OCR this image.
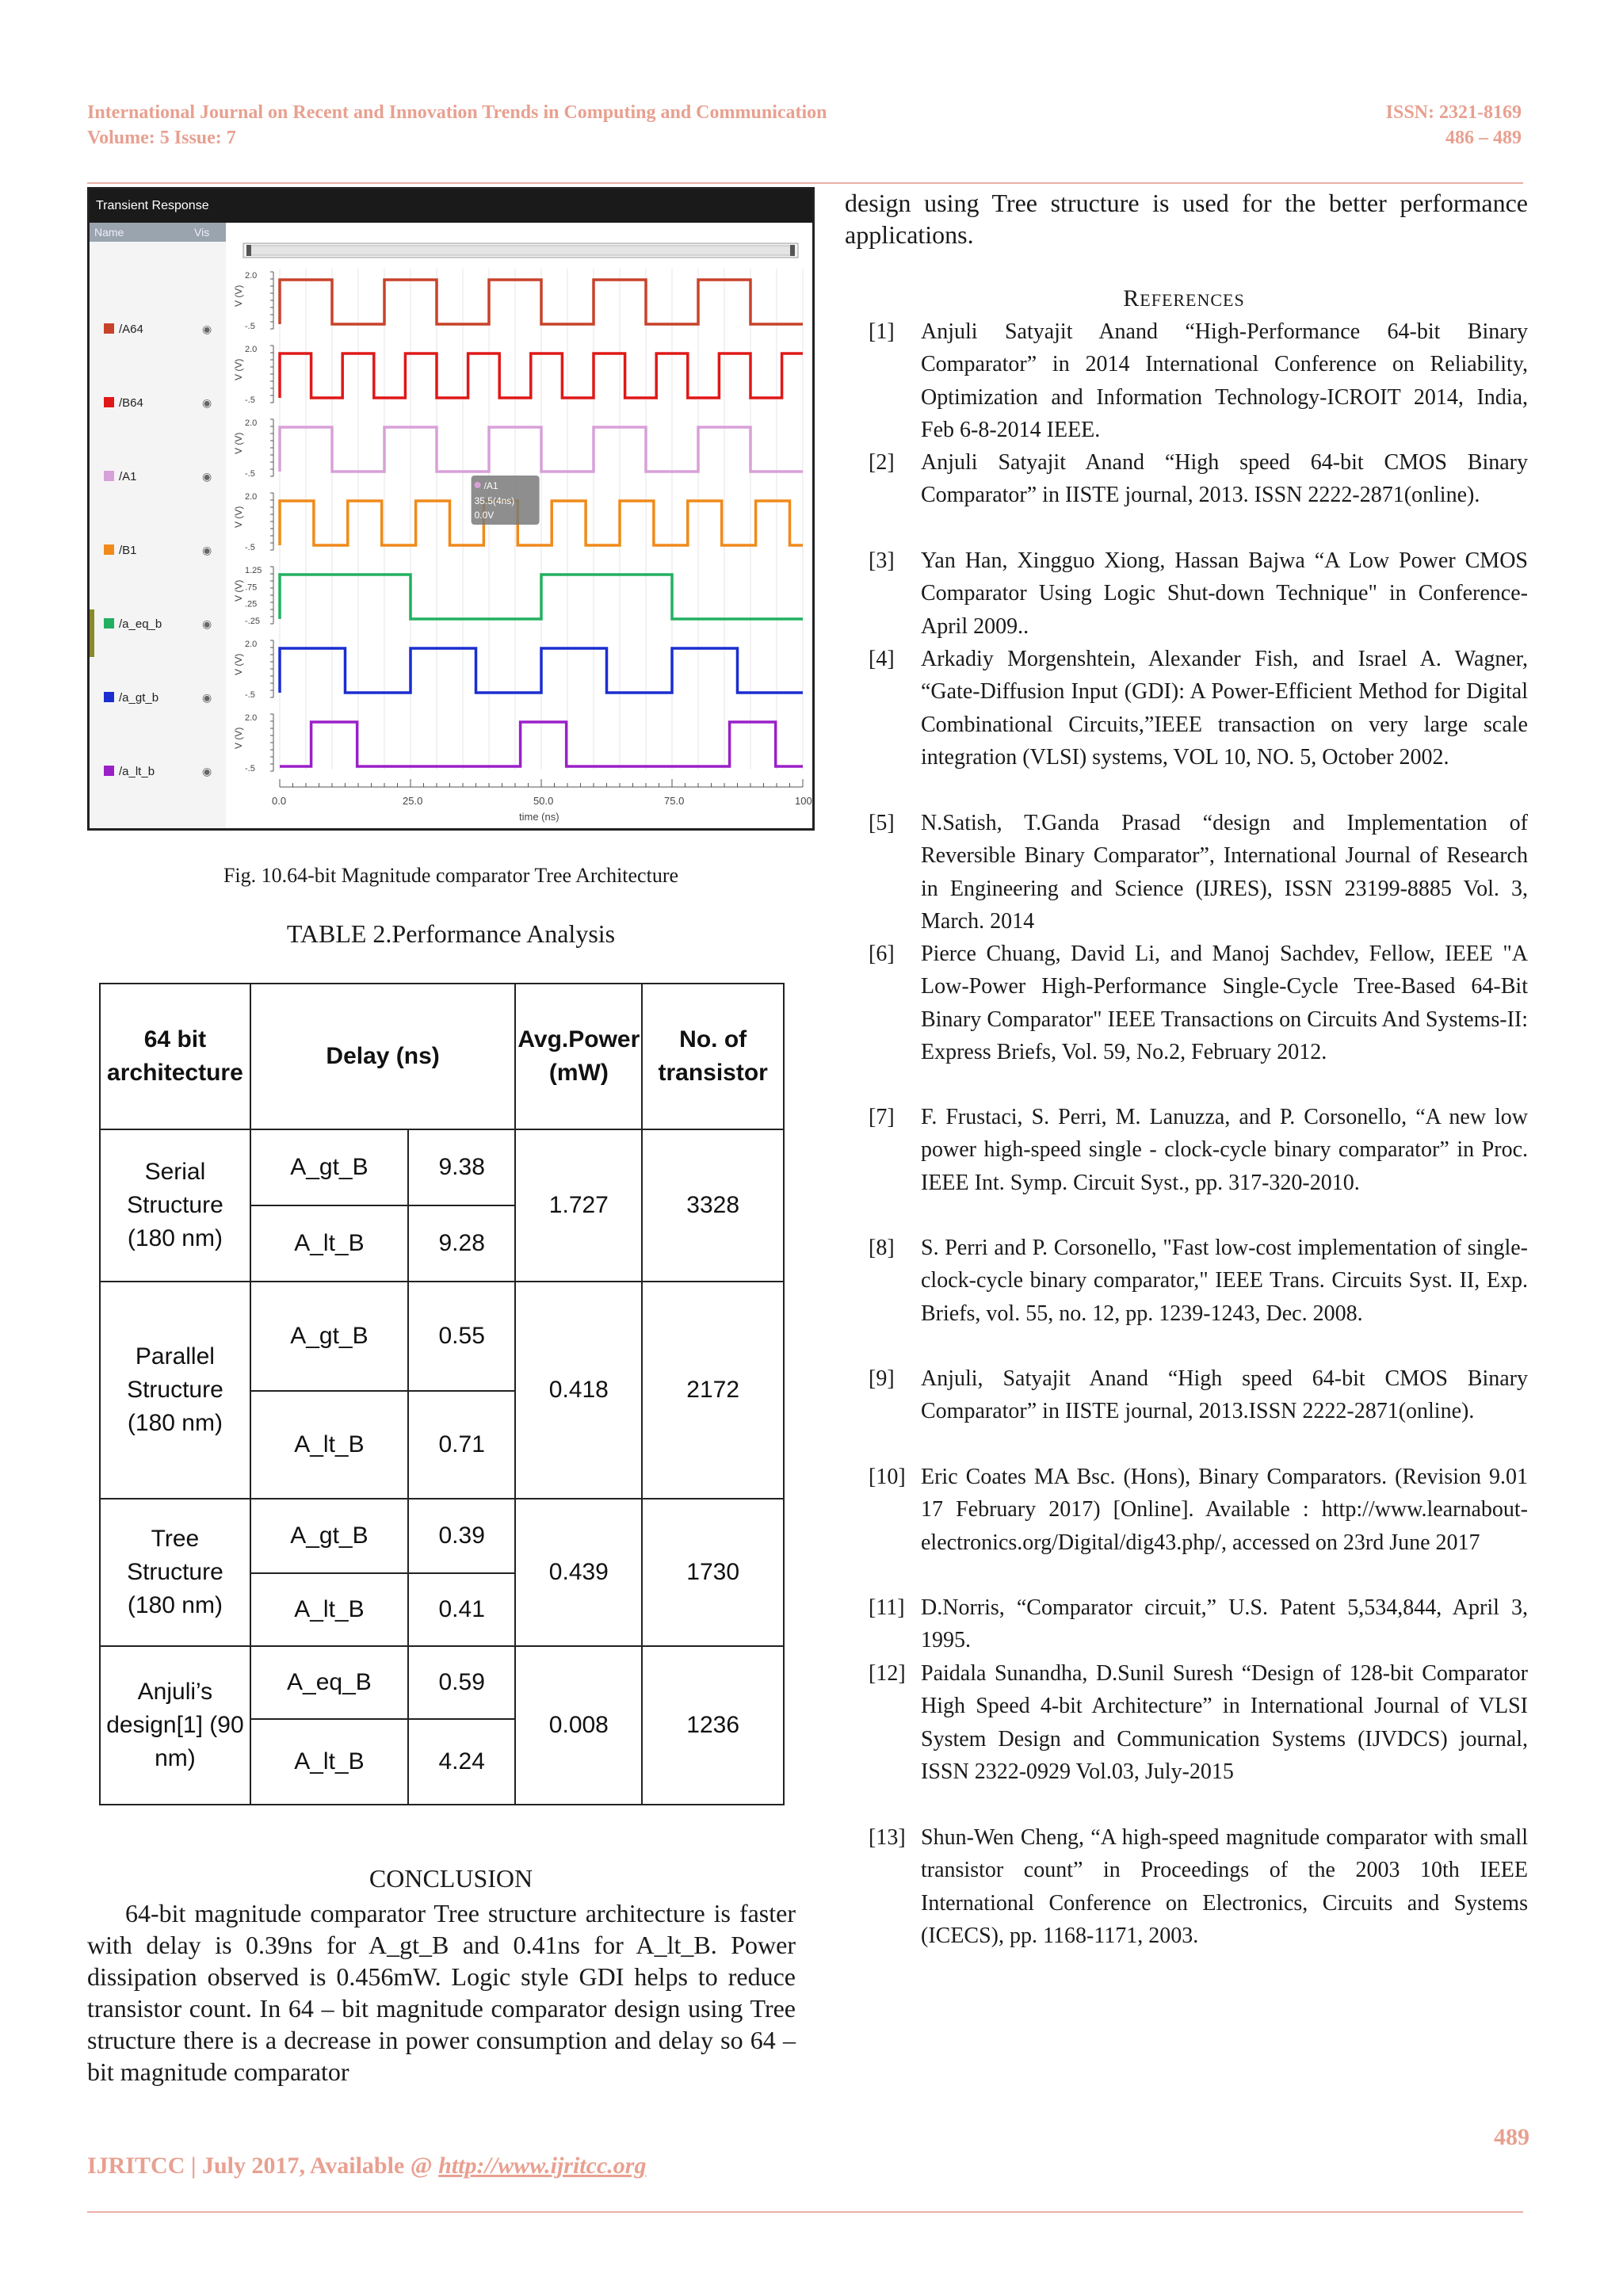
International Journal on Recent and Innovation Trends in Computing and Communication
Volume: 5 Issue: 7
ISSN: 2321-8169
486 – 489
Transient Response
Name	Vis
/A64	◉
/B64	◉
/A1	◉
/B1	◉
/a_eq_b	◉
/a_gt_b	◉
/a_lt_b	◉
V (V)
2.0
-.5
V (V)
2.0
-.5
V (V)
2.0
-.5
V (V)
2.0
-.5
V (V)
1.25
.75
.25
-.25
V (V)
2.0
-.5
V (V)
2.0
-.5
/A1
35.5(4ns)
0.0V
0.0	25.0	50.0	75.0	100
time (ns)
Fig. 10.64-bit Magnitude comparator Tree Architecture
TABLE 2.Performance Analysis
64 bit architecture	Delay (ns)		Avg.Power (mW)	No. of transistor
Serial Structure (180 nm)	A_gt_B	9.38	1.727	3328
	A_lt_B	9.28		
Parallel Structure (180 nm)	A_gt_B	0.55	0.418	2172
	A_lt_B	0.71		
Tree Structure (180 nm)	A_gt_B	0.39	0.439	1730
	A_lt_B	0.41		
Anjuli’s design[1] (90 nm)	A_eq_B	0.59	0.008	1236
	A_lt_B	4.24		
CONCLUSION
64-bit magnitude comparator Tree structure architecture is faster with delay is 0.39ns for A_gt_B and 0.41ns for A_lt_B. Power dissipation observed is 0.456mW. Logic style GDI helps to reduce transistor count. In 64 – bit magnitude comparator design using Tree structure there is a decrease in power consumption and delay so 64 – bit magnitude comparator
design using Tree structure is used for the better performance applications.
REFERENCES
[1] Anjuli Satyajit Anand “High-Performance 64-bit Binary Comparator” in 2014 International Conference on Reliability, Optimization and Information Technology-ICROIT 2014, India, Feb 6-8-2014 IEEE.
[2] Anjuli Satyajit Anand “High speed 64-bit CMOS Binary Comparator” in IISTE journal, 2013. ISSN 2222-2871(online).
[3] Yan Han, Xingguo Xiong, Hassan Bajwa “A Low Power CMOS Comparator Using Logic Shut-down Technique" in Conference-April 2009..
[4] Arkadiy Morgenshtein, Alexander Fish, and Israel A. Wagner, “Gate-Diffusion Input (GDI): A Power-Efficient Method for Digital Combinational Circuits,”IEEE transaction on very large scale integration (VLSI) systems, VOL 10, NO. 5, October 2002.
[5] N.Satish, T.Ganda Prasad “design and Implementation of Reversible Binary Comparator”, International Journal of Research in Engineering and Science (IJRES), ISSN 23199-8885 Vol. 3, March. 2014
[6] Pierce Chuang, David Li, and Manoj Sachdev, Fellow, IEEE "A Low-Power High-Performance Single-Cycle Tree-Based 64-Bit Binary Comparator" IEEE Transactions on Circuits And Systems-II: Express Briefs, Vol. 59, No.2, February 2012.
[7] F. Frustaci, S. Perri, M. Lanuzza, and P. Corsonello, “A new low power high-speed single - clock-cycle binary comparator” in Proc. IEEE Int. Symp. Circuit Syst., pp. 317-320-2010.
[8] S. Perri and P. Corsonello, "Fast low-cost implementation of single-clock-cycle binary comparator," IEEE Trans. Circuits Syst. II, Exp. Briefs, vol. 55, no. 12, pp. 1239-1243, Dec. 2008.
[9] Anjuli, Satyajit Anand “High speed 64-bit CMOS Binary Comparator” in IISTE journal, 2013.ISSN 2222-2871(online).
[10] Eric Coates MA Bsc. (Hons), Binary Comparators. (Revision 9.01 17 February 2017) [Online]. Available : http://www.learnabout-electronics.org/Digital/dig43.php/, accessed on 23rd June 2017
[11] D.Norris, “Comparator circuit,” U.S. Patent 5,534,844, April 3, 1995.
[12] Paidala Sunandha, D.Sunil Suresh “Design of 128-bit Comparator High Speed 4-bit Architecture” in International Journal of VLSI System Design and Communication Systems (IJVDCS) journal, ISSN 2322-0929 Vol.03, July-2015
[13] Shun-Wen Cheng, “A high-speed magnitude comparator with small transistor count” in Proceedings of the 2003 10th IEEE International Conference on Electronics, Circuits and Systems (ICECS), pp. 1168-1171, 2003.
489
IJRITCC | July 2017, Available @ http://www.ijritcc.org
